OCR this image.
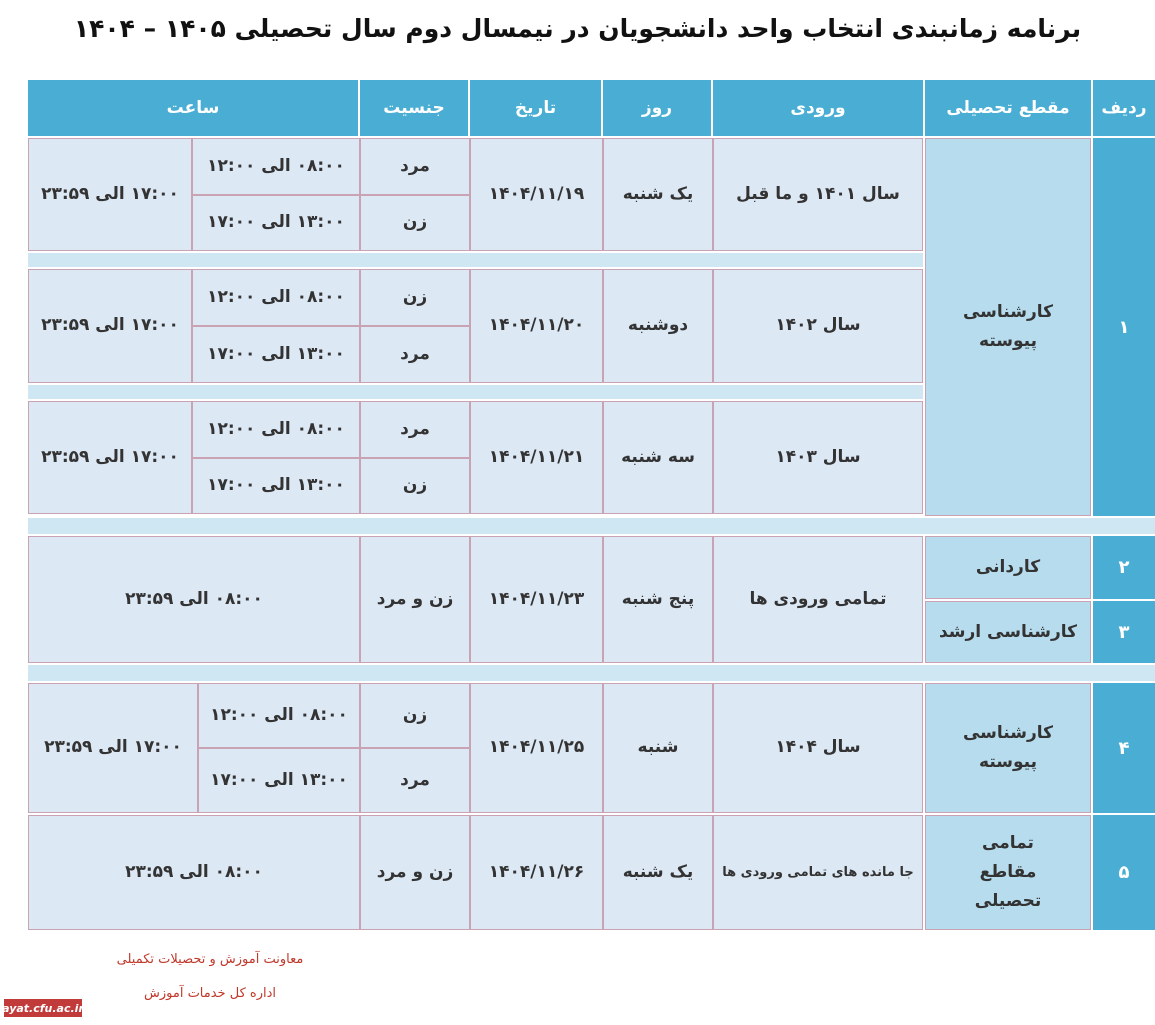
برنامه زمانبندی انتخاب واحد دانشجویان در نیمسال دوم سال تحصیلی ۱۴۰۵ – ۱۴۰۴
ردیف
مقطع تحصیلی
ورودی
روز
تاریخ
جنسیت
ساعت
۱
کارشناسی پیوسته
سال ۱۴۰۱ و ما قبل
یک شنبه
۱۴۰۴/۱۱/۱۹
مرد
زن
۰۸:۰۰ الی ۱۲:۰۰
۱۳:۰۰ الی ۱۷:۰۰
۱۷:۰۰ الی ۲۳:۵۹
سال ۱۴۰۲
دوشنبه
۱۴۰۴/۱۱/۲۰
زن
مرد
۰۸:۰۰ الی ۱۲:۰۰
۱۳:۰۰ الی ۱۷:۰۰
۱۷:۰۰ الی ۲۳:۵۹
سال ۱۴۰۳
سه شنبه
۱۴۰۴/۱۱/۲۱
مرد
زن
۰۸:۰۰ الی ۱۲:۰۰
۱۳:۰۰ الی ۱۷:۰۰
۱۷:۰۰ الی ۲۳:۵۹
۲
۳
کاردانی
کارشناسی ارشد
تمامی ورودی ها
پنج شنبه
۱۴۰۴/۱۱/۲۳
زن و مرد
۰۸:۰۰ الی ۲۳:۵۹
۴
کارشناسی پیوسته
سال ۱۴۰۴
شنبه
۱۴۰۴/۱۱/۲۵
زن
مرد
۰۸:۰۰ الی ۱۲:۰۰
۱۳:۰۰ الی ۱۷:۰۰
۱۷:۰۰ الی ۲۳:۵۹
۵
تمامی مقاطع تحصیلی
جا مانده های تمامی ورودی ها
یک شنبه
۱۴۰۴/۱۱/۲۶
زن و مرد
۰۸:۰۰ الی ۲۳:۵۹
معاونت آموزش و تحصیلات تکمیلی
اداره کل خدمات آموزش
ayat.cfu.ac.ir
